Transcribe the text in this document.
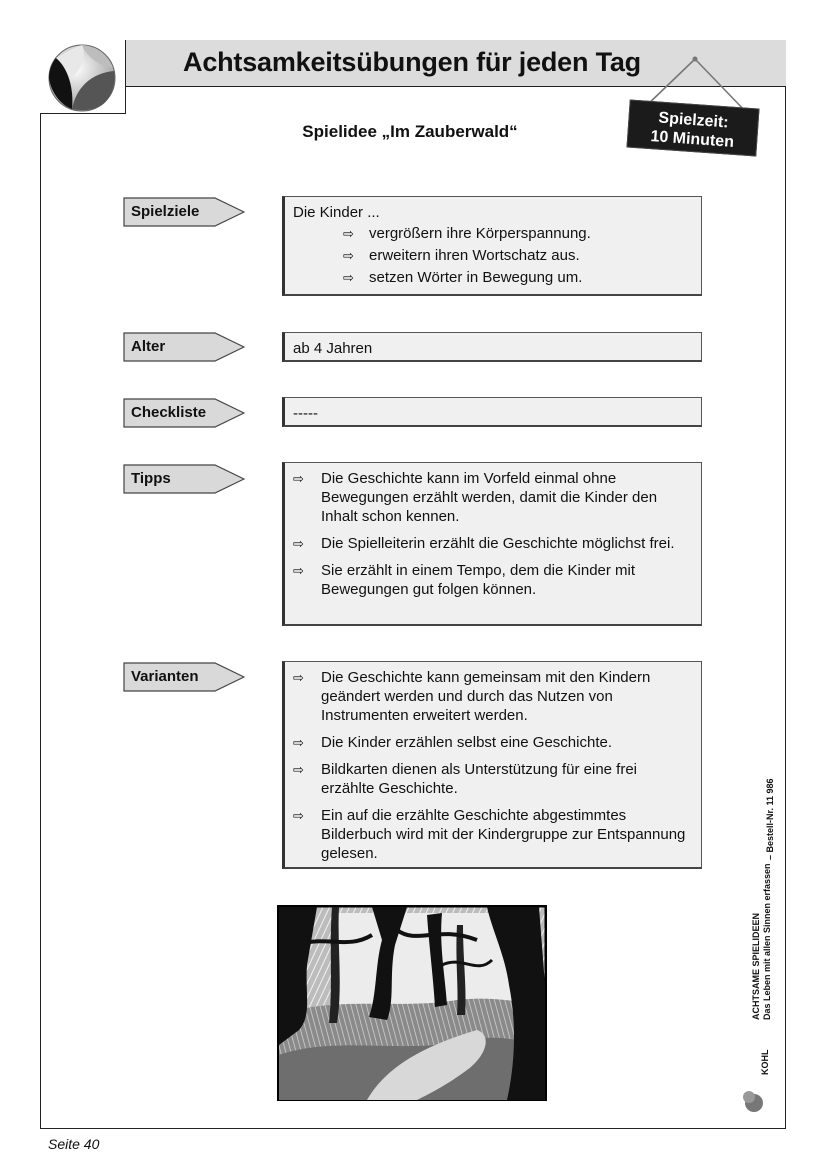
Achtsamkeitsübungen für jeden Tag
Spielidee „Im Zauberwald“
Spielzeit:
10 Minuten
Spielziele	Die Kinder ...
⇨	vergrößern ihre Körperspannung.
⇨	erweitern ihren Wortschatz aus.
⇨	setzen Wörter in Bewegung um.
Alter	ab 4 Jahren
Checkliste	-----
Tipps	⇨	Die Geschichte kann im Vorfeld einmal ohne Bewegungen erzählt werden, damit die Kinder den Inhalt schon kennen.
⇨	Die Spielleiterin erzählt die Geschichte möglichst frei.
⇨	Sie erzählt in einem Tempo, dem die Kinder mit Bewegungen gut folgen können.
Varianten	⇨	Die Geschichte kann gemeinsam mit den Kindern geändert werden und durch das Nutzen von Instrumenten erweitert werden.
⇨	Die Kinder erzählen selbst eine Geschichte.
⇨	Bildkarten dienen als Unterstützung für eine frei erzählte Geschichte.
⇨	Ein auf die erzählte Geschichte abgestimmtes Bilderbuch wird mit der Kindergruppe zur Entspannung gelesen.
ACHTSAME SPIELIDEEN Das Leben mit allen Sinnen erfassen
– Bestell-Nr. 11 986
KOHL
Seite 40
